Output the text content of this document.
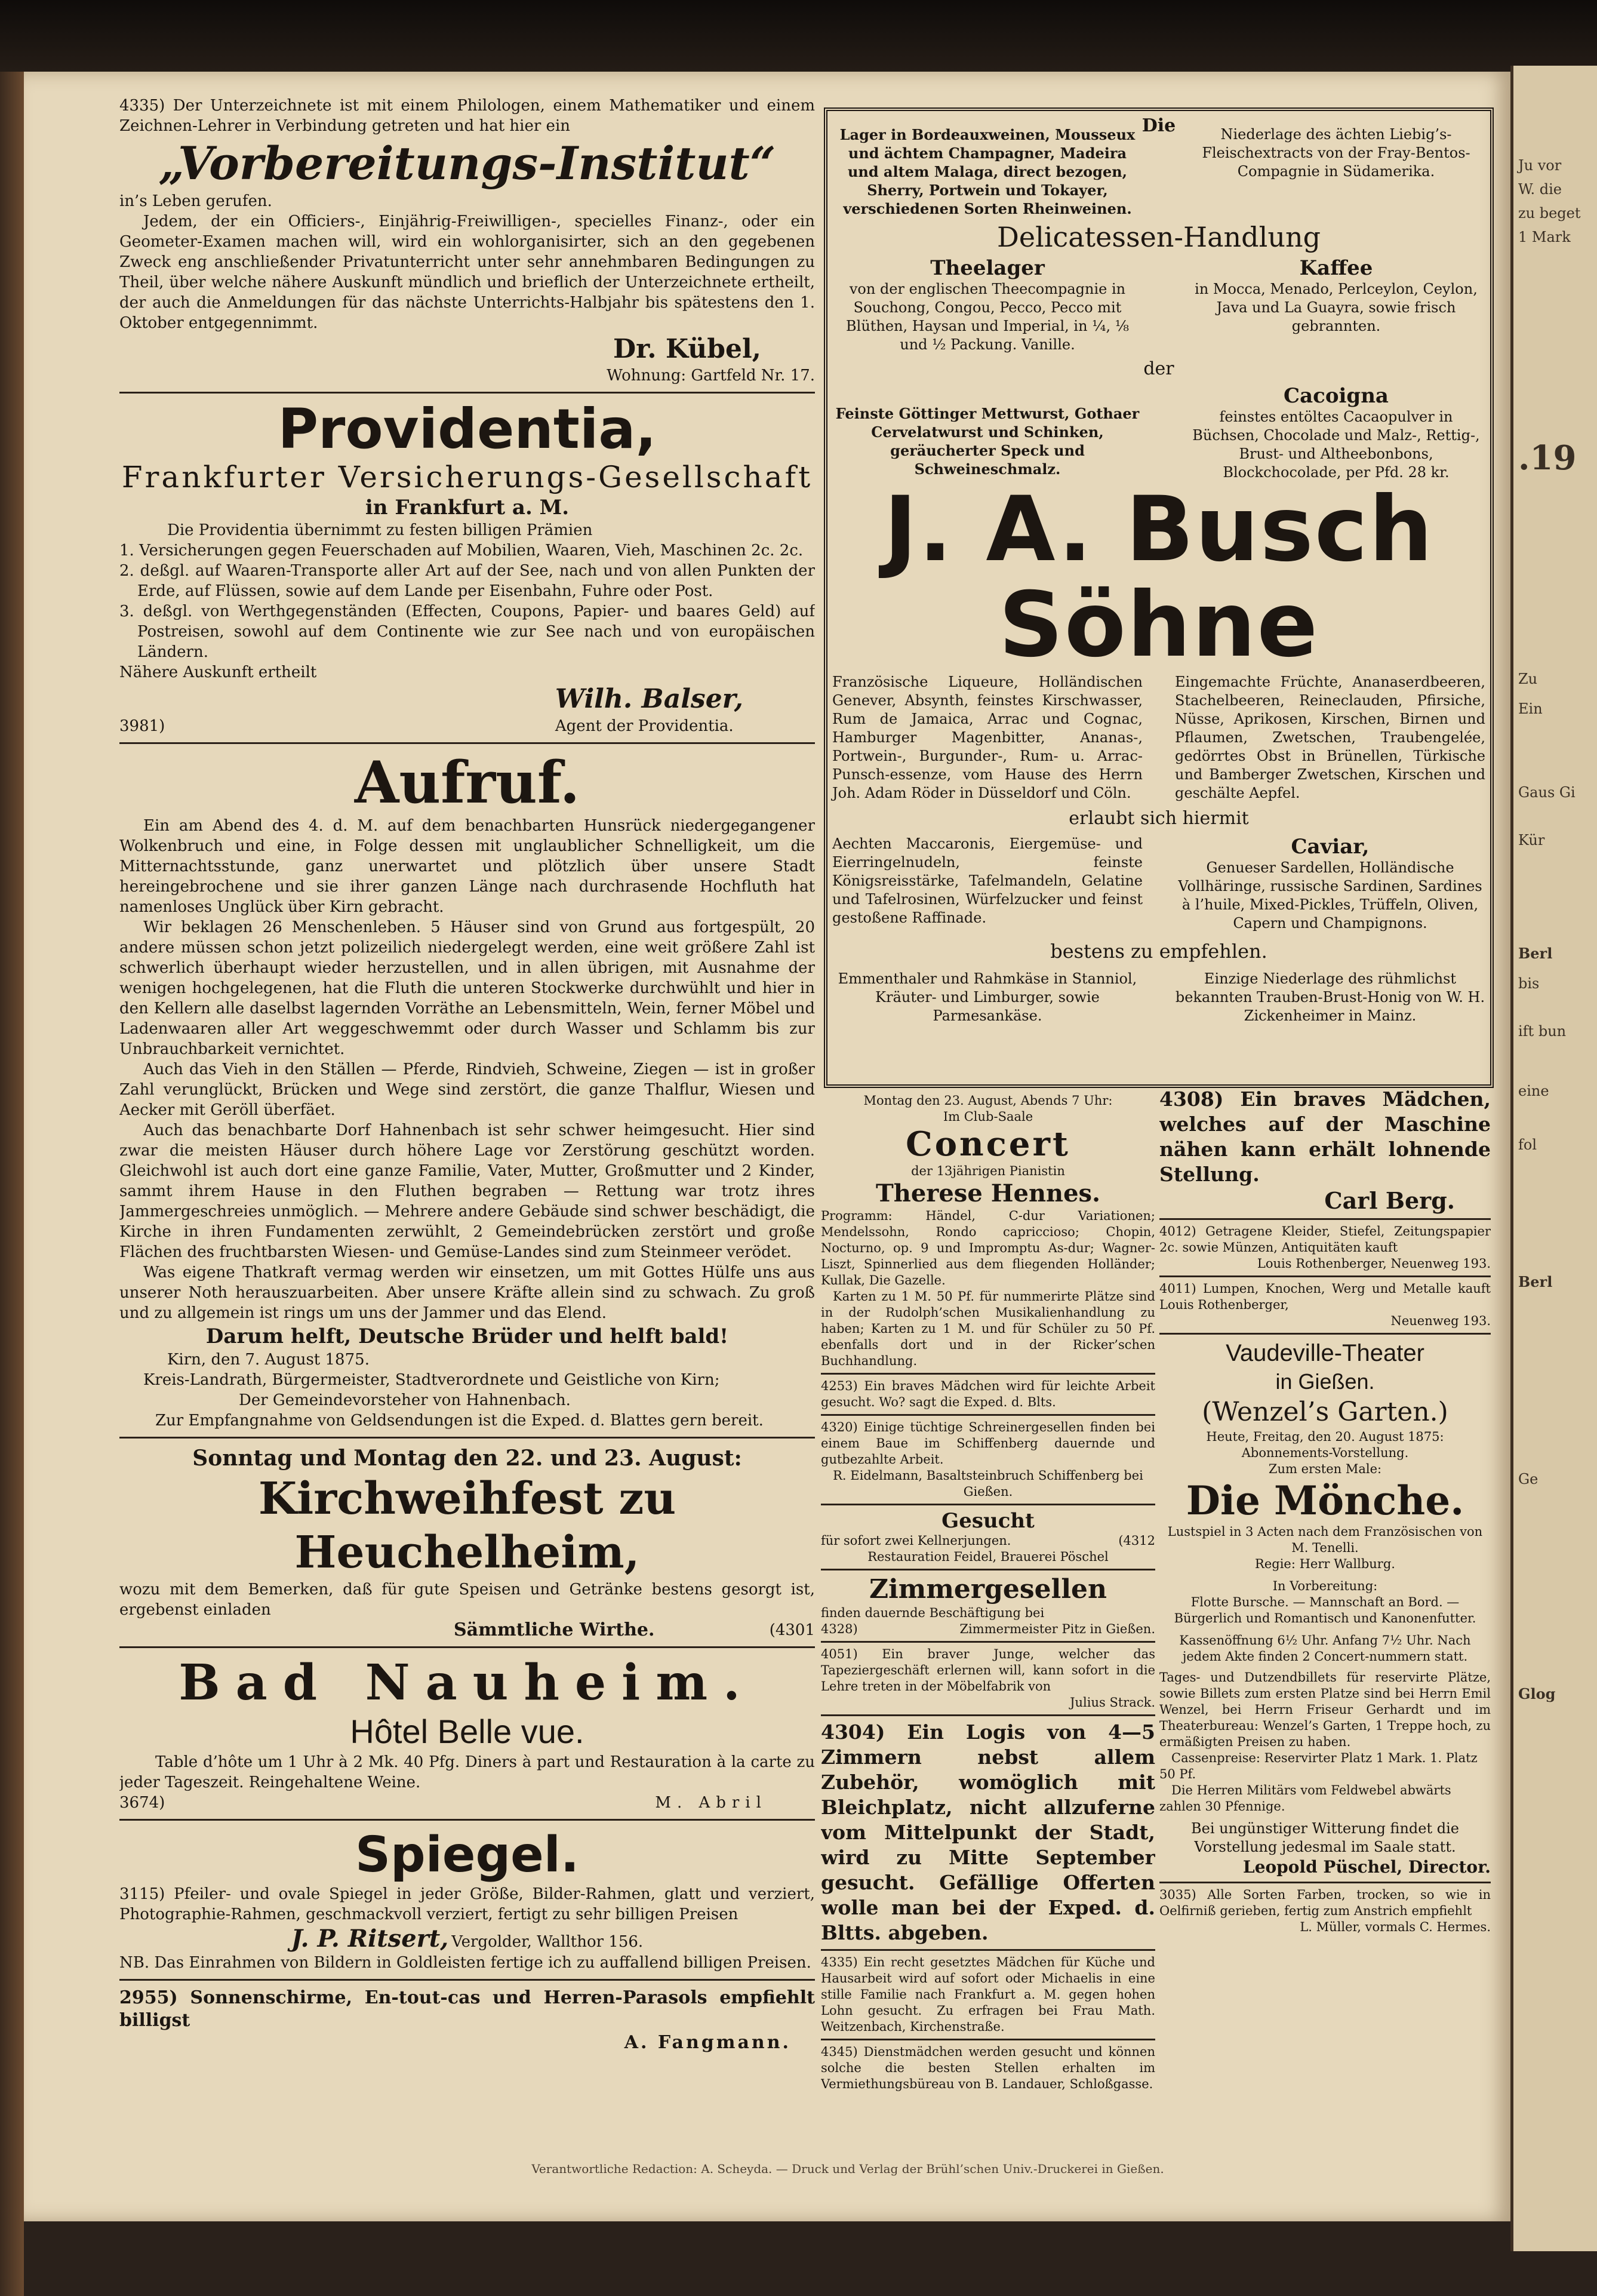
Ju vor
W. die
zu beget
1 Mark
.19
Zu
Ein
Gaus Gi
Kür
Berl
bis
ift bun
eine
fol
Berl
Ge
Glog

4335) Der Unterzeichnete ist mit einem Philologen, einem Mathematiker und einem Zeichnen-Lehrer in Verbindung getreten und hat hier ein

„Vorbereitungs-Institut“

in’s Leben gerufen.

Jedem, der ein Officiers-, Einjährig-Freiwilligen-, specielles Finanz-, oder ein Geometer-Examen machen will, wird ein wohlorganisirter, sich an den gegebenen Zweck eng anschließender Privatunterricht unter sehr annehmbaren Bedingungen zu Theil, über welche nähere Auskunft mündlich und brieflich der Unterzeichnete ertheilt, der auch die Anmeldungen für das nächste Unterrichts-Halbjahr bis spätestens den 1. Oktober entgegennimmt.

Dr. Kübel,
Wohnung: Gartfeld Nr. 17.
Providentia,
Frankfurter Versicherungs-Gesellschaft
in Frankfurt a. M.

Die Providentia übernimmt zu festen billigen Prämien

1. Versicherungen gegen Feuerschaden auf Mobilien, Waaren, Vieh, Maschinen 2c. 2c.

2. deßgl. auf Waaren-Transporte aller Art auf der See, nach und von allen Punkten der Erde, auf Flüssen, sowie auf dem Lande per Eisenbahn, Fuhre oder Post.

3. deßgl. von Werthgegenständen (Effecten, Coupons, Papier- und baares Geld) auf Postreisen, sowohl auf dem Continente wie zur See nach und von europäischen Ländern.

Nähere Auskunft ertheilt

3981)
Wilh. Balser,
Agent der Providentia.
Aufruf.

Ein am Abend des 4. d. M. auf dem benachbarten Hunsrück niedergegangener Wolkenbruch und eine, in Folge dessen mit unglaublicher Schnelligkeit, um die Mitternachtsstunde, ganz unerwartet und plötzlich über unsere Stadt hereingebrochene und sie ihrer ganzen Länge nach durchrasende Hochfluth hat namenloses Unglück über Kirn gebracht.

Wir beklagen 26 Menschenleben. 5 Häuser sind von Grund aus fortgespült, 20 andere müssen schon jetzt polizeilich niedergelegt werden, eine weit größere Zahl ist schwerlich überhaupt wieder herzustellen, und in allen übrigen, mit Ausnahme der wenigen hochgelegenen, hat die Fluth die unteren Stockwerke durchwühlt und hier in den Kellern alle daselbst lagernden Vorräthe an Lebensmitteln, Wein, ferner Möbel und Ladenwaaren aller Art weggeschwemmt oder durch Wasser und Schlamm bis zur Unbrauchbarkeit vernichtet.

Auch das Vieh in den Ställen — Pferde, Rindvieh, Schweine, Ziegen — ist in großer Zahl verunglückt, Brücken und Wege sind zerstört, die ganze Thalflur, Wiesen und Aecker mit Geröll überfäet.

Auch das benachbarte Dorf Hahnenbach ist sehr schwer heimgesucht. Hier sind zwar die meisten Häuser durch höhere Lage vor Zerstörung geschützt worden. Gleichwohl ist auch dort eine ganze Familie, Vater, Mutter, Großmutter und 2 Kinder, sammt ihrem Hause in den Fluthen begraben — Rettung war trotz ihres Jammergeschreies unmöglich. — Mehrere andere Gebäude sind schwer beschädigt, die Kirche in ihren Fundamenten zerwühlt, 2 Gemeindebrücken zerstört und große Flächen des fruchtbarsten Wiesen- und Gemüse-Landes sind zum Steinmeer verödet.

Was eigene Thatkraft vermag werden wir einsetzen, um mit Gottes Hülfe uns aus unserer Noth herauszuarbeiten. Aber unsere Kräfte allein sind zu schwach. Zu groß und zu allgemein ist rings um uns der Jammer und das Elend.

Darum helft, Deutsche Brüder und helft bald!

Kirn, den 7. August 1875.

Kreis-Landrath, Bürgermeister, Stadtverordnete und Geistliche von Kirn;

Der Gemeindevorsteher von Hahnenbach.

Zur Empfangnahme von Geldsendungen ist die Exped. d. Blattes gern bereit.

Sonntag und Montag den 22. und 23. August:
Kirchweihfest zu Heuchelheim,

wozu mit dem Bemerken, daß für gute Speisen und Getränke bestens gesorgt ist, ergebenst einladen

Sämmtliche Wirthe.	(4301
Bad Nauheim.
Hôtel Belle vue.

Table d’hôte um 1 Uhr à 2 Mk. 40 Pfg. Diners à part und Restauration à la carte zu jeder Tageszeit. Reingehaltene Weine.

3674)	M. Abril
Spiegel.

3115) Pfeiler- und ovale Spiegel in jeder Größe, Bilder-Rahmen, glatt und verziert, Photographie-Rahmen, geschmackvoll verziert, fertigt zu sehr billigen Preisen

J. P. Ritsert, Vergolder, Wallthor 156.

NB. Das Einrahmen von Bildern in Goldleisten fertige ich zu auffallend billigen Preisen.

2955) Sonnenschirme, En-tout-cas und Herren-Parasols empfiehlt billigst

A. Fangmann.
Die

Lager in Bordeauxweinen, Mousseux und ächtem Champagner, Madeira und altem Malaga, direct bezogen, Sherry, Portwein und Tokayer, verschiedenen Sorten Rheinweinen.

Niederlage des ächten Liebig’s-Fleischextracts von der Fray-Bentos-Compagnie in Südamerika.

Delicatessen-Handlung
Theelager

von der englischen Theecompagnie in Souchong, Congou, Pecco, Pecco mit Blüthen, Haysan und Imperial, in ¼, ⅛ und ½ Packung. Vanille.

Kaffee

in Mocca, Menado, Perlceylon, Ceylon, Java und La Guayra, sowie frisch gebrannten.

der

Feinste Göttinger Mettwurst, Gothaer Cervelatwurst und Schinken, geräucherter Speck und Schweineschmalz.

Cacoigna

feinstes entöltes Cacaopulver in Büchsen, Chocolade und Malz-, Rettig-, Brust- und Altheebonbons, Blockchocolade, per Pfd. 28 kr.

J. A. Busch Söhne

Französische Liqueure, Holländischen Genever, Absynth, feinstes Kirschwasser, Rum de Jamaica, Arrac und Cognac, Hamburger Magenbitter, Ananas-, Portwein-, Burgunder-, Rum- u. Arrac-Punsch-essenze, vom Hause des Herrn Joh. Adam Röder in Düsseldorf und Cöln.

Eingemachte Früchte, Ananaserdbeeren, Stachelbeeren, Reineclauden, Pfirsiche, Nüsse, Aprikosen, Kirschen, Birnen und Pflaumen, Zwetschen, Traubengelée, gedörrtes Obst in Brünellen, Türkische und Bamberger Zwetschen, Kirschen und geschälte Aepfel.

erlaubt sich hiermit

Aechten Maccaronis, Eiergemüse- und Eierringelnudeln, feinste Königsreisstärke, Tafelmandeln, Gelatine und Tafelrosinen, Würfelzucker und feinst gestoßene Raffinade.

Caviar,

Genueser Sardellen, Holländische Vollhäringe, russische Sardinen, Sardines à l’huile, Mixed-Pickles, Trüffeln, Oliven, Capern und Champignons.

bestens zu empfehlen.

Emmenthaler und Rahmkäse in Stanniol, Kräuter- und Limburger, sowie Parmesankäse.

Einzige Niederlage des rühmlichst bekannten Trauben-Brust-Honig von W. H. Zickenheimer in Mainz.

Montag den 23. August, Abends 7 Uhr:

Im Club-Saale

Concert

der 13jährigen Pianistin

Therese Hennes.

Programm: Händel, C-dur Variationen; Mendelssohn, Rondo capriccioso; Chopin, Nocturno, op. 9 und Impromptu As-dur; Wagner-Liszt, Spinnerlied aus dem fliegenden Holländer; Kullak, Die Gazelle.

Karten zu 1 M. 50 Pf. für nummerirte Plätze sind in der Rudolph’schen Musikalienhandlung zu haben; Karten zu 1 M. und für Schüler zu 50 Pf. ebenfalls dort und in der Ricker’schen Buchhandlung.

4253) Ein braves Mädchen wird für leichte Arbeit gesucht. Wo? sagt die Exped. d. Blts.

4320) Einige tüchtige Schreinergesellen finden bei einem Baue im Schiffenberg dauernde und gutbezahlte Arbeit.

R. Eidelmann, Basaltsteinbruch Schiffenberg bei Gießen.

Gesucht
für sofort zwei Kellnerjungen.	(4312

Restauration Feidel, Brauerei Pöschel

Zimmergesellen

finden dauernde Beschäftigung bei

4328)	Zimmermeister Pitz in Gießen.

4051) Ein braver Junge, welcher das Tapeziergeschäft erlernen will, kann sofort in die Lehre treten in der Möbelfabrik von

Julius Strack.

4304) Ein Logis von 4—5 Zimmern nebst allem Zubehör, womöglich mit Bleichplatz, nicht allzuferne vom Mittelpunkt der Stadt, wird zu Mitte September gesucht. Gefällige Offerten wolle man bei der Exped. d. Bltts. abgeben.

4335) Ein recht gesetztes Mädchen für Küche und Hausarbeit wird auf sofort oder Michaelis in eine stille Familie nach Frankfurt a. M. gegen hohen Lohn gesucht. Zu erfragen bei Frau Math. Weitzenbach, Kirchenstraße.

4345) Dienstmädchen werden gesucht und können solche die besten Stellen erhalten im Vermiethungsbüreau von B. Landauer, Schloßgasse.

4308) Ein braves Mädchen, welches auf der Maschine nähen kann erhält lohnende Stellung.

Carl Berg.

4012) Getragene Kleider, Stiefel, Zeitungspapier 2c. sowie Münzen, Antiquitäten kauft

Louis Rothenberger, Neuenweg 193.

4011) Lumpen, Knochen, Werg und Metalle kauft Louis Rothenberger,

Neuenweg 193.

Vaudeville-Theater
in Gießen.
(Wenzel’s Garten.)

Heute, Freitag, den 20. August 1875:

Abonnements-Vorstellung.

Zum ersten Male:

Die Mönche.

Lustspiel in 3 Acten nach dem Französischen von M. Tenelli.

Regie: Herr Wallburg.

In Vorbereitung:

Flotte Bursche. — Mannschaft an Bord. — Bürgerlich und Romantisch und Kanonenfutter.

Kassenöffnung 6½ Uhr. Anfang 7½ Uhr. Nach jedem Akte finden 2 Concert-nummern statt.

Tages- und Dutzendbillets für reservirte Plätze, sowie Billets zum ersten Platze sind bei Herrn Emil Wenzel, bei Herrn Friseur Gerhardt und im Theaterbureau: Wenzel’s Garten, 1 Treppe hoch, zu ermäßigten Preisen zu haben.

Cassenpreise: Reservirter Platz 1 Mark. 1. Platz 50 Pf.

Die Herren Militärs vom Feldwebel abwärts zahlen 30 Pfennige.

Bei ungünstiger Witterung findet die Vorstellung jedesmal im Saale statt.

Leopold Püschel, Director.

3035) Alle Sorten Farben, trocken, so wie in Oelfirniß gerieben, fertig zum Anstrich empfiehlt

L. Müller, vormals C. Hermes.

Verantwortliche Redaction: A. Scheyda. — Druck und Verlag der Brühl’schen Univ.-Druckerei in Gießen.
